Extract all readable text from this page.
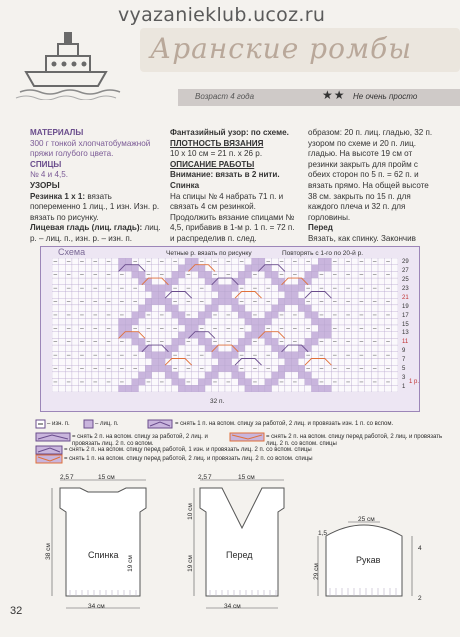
vyazanieklub.ucoz.ru
Аранские ромбы
Возраст 4 года	★★ Не очень просто

МАТЕРИАЛЫ

300 г тонкой хлопчатобумажной пряжи голубого цвета.

СПИЦЫ

№ 4 и 4,5.

УЗОРЫ

Резинка 1 х 1: вязать попеременно 1 лиц., 1 изн. Изн. р. вязать по рисунку.

Лицевая гладь (лиц. гладь): лиц. р. – лиц. п., изн. р. – изн. п.

Фантазийный узор: по схеме.

ПЛОТНОСТЬ ВЯЗАНИЯ

10 х 10 см = 21 п. х 26 р.

ОПИСАНИЕ РАБОТЫ

Внимание: вязать в 2 нити.

Спинка

На спицы № 4 набрать 71 п. и связать 4 см резинкой. Продолжить вязание спицами № 4,5, прибавив в 1-м р. 1 п. = 72 п. и распределив п. след.

образом: 20 п. лиц. гладью, 32 п. узором по схеме и 20 п. лиц. гладью. На высоте 19 см от резинки закрыть для пройм с обеих сторон по 5 п. = 62 п. и вязать прямо. На общей высоте 38 см. закрыть по 15 п. для каждого плеча и 32 п. для горловины.

Перед

Вязать, как спинку. Закончив

Схема	Четные р. вязать по рисунку	Повторять с 1-го по 20-й р.
29
27
25
23
21
19
17
15
13
11
9
7
5
3
1
1 р.
32 п.
– изн. п.	– лиц. п.	= снять 1 п. на вспом. спицу за работой, 2 лиц. и провязать изн. 1 п. со вспом.
= снять 2 п. на вспом. спицу за работой, 2 лиц. и провязать лиц. 2 п. со вспом.
= снять 2 п. на вспом. спицу перед работой, 2 лиц. и провязать лиц. 2 п. со вспом. спицы
= снять 2 п. на вспом. спицу перед работой, 1 изн. и провязать лиц. 2 п. со вспом. спицы
= снять 1 п. на вспом. спицу перед работой, 2 лиц. и провязать лиц. 2 п. со вспом. спицы
Спинка
34 см
38 см
7	15 см
2,5
19 см
Перед
34 см
7	15 см
2,5
10 см
19 см	Рукав
25 см
29 см
1,5
2
4
32
